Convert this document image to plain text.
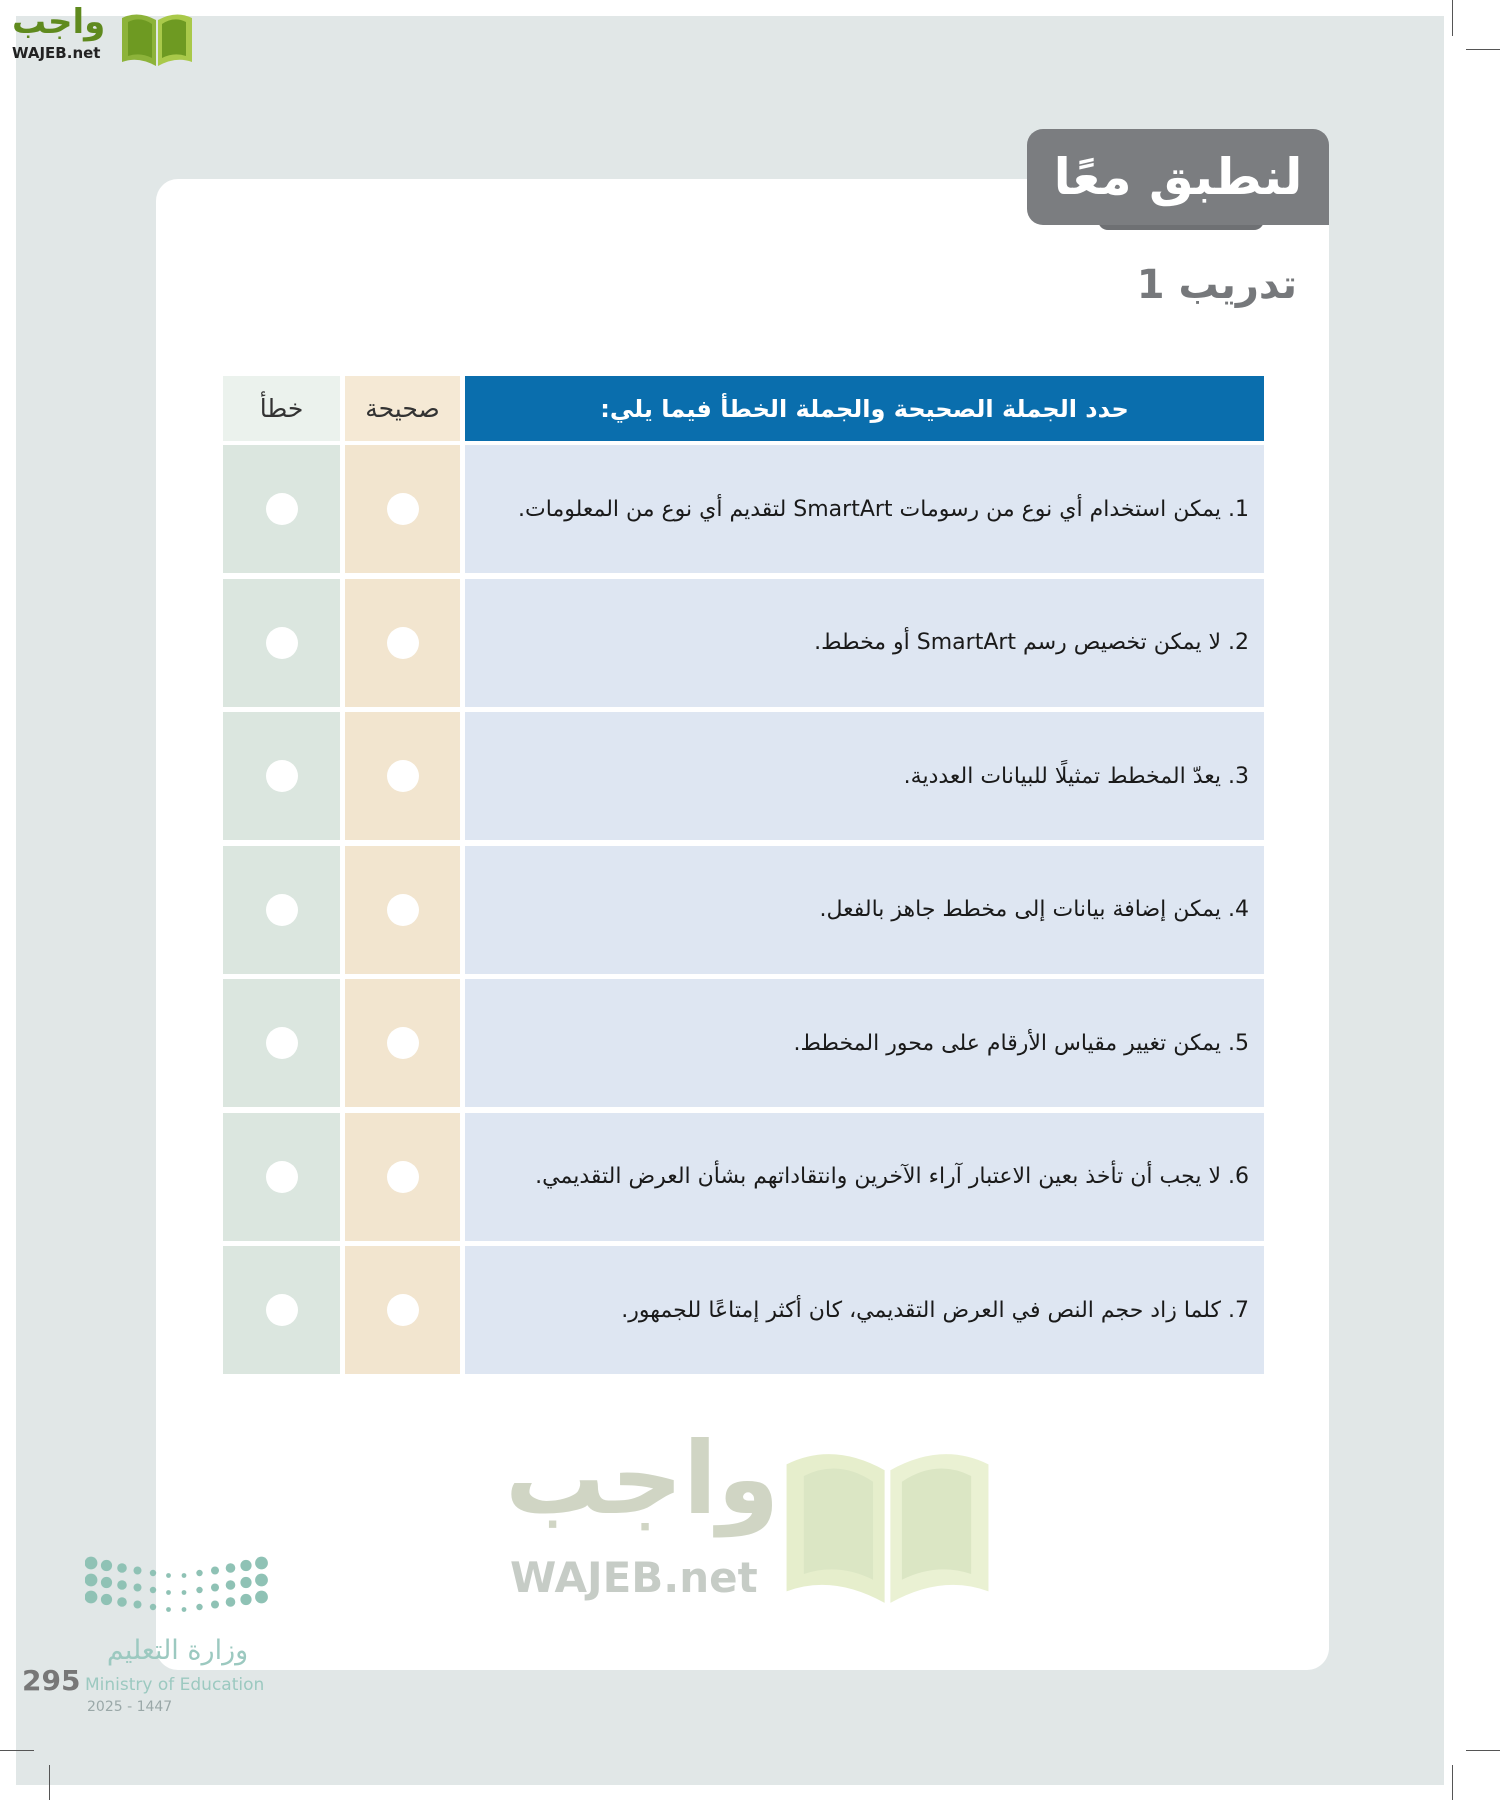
واجب
WAJEB.net
لنطبق معًا
تدريب 1
خطأ	صحيحة	حدد الجملة الصحيحة والجملة الخطأ فيما يلي:
1. يمكن استخدام أي نوع من رسومات SmartArt لتقديم أي نوع من المعلومات.
2. لا يمكن تخصيص رسم SmartArt أو مخطط.
3. يعدّ المخطط تمثيلًا للبيانات العددية.
4. يمكن إضافة بيانات إلى مخطط جاهز بالفعل.
5. يمكن تغيير مقياس الأرقام على محور المخطط.
6. لا يجب أن تأخذ بعين الاعتبار آراء الآخرين وانتقاداتهم بشأن العرض التقديمي.
7. كلما زاد حجم النص في العرض التقديمي، كان أكثر إمتاعًا للجمهور.
واجب
WAJEB.net
وزارة التعليم
Ministry of Education
2025 - 1447
295
